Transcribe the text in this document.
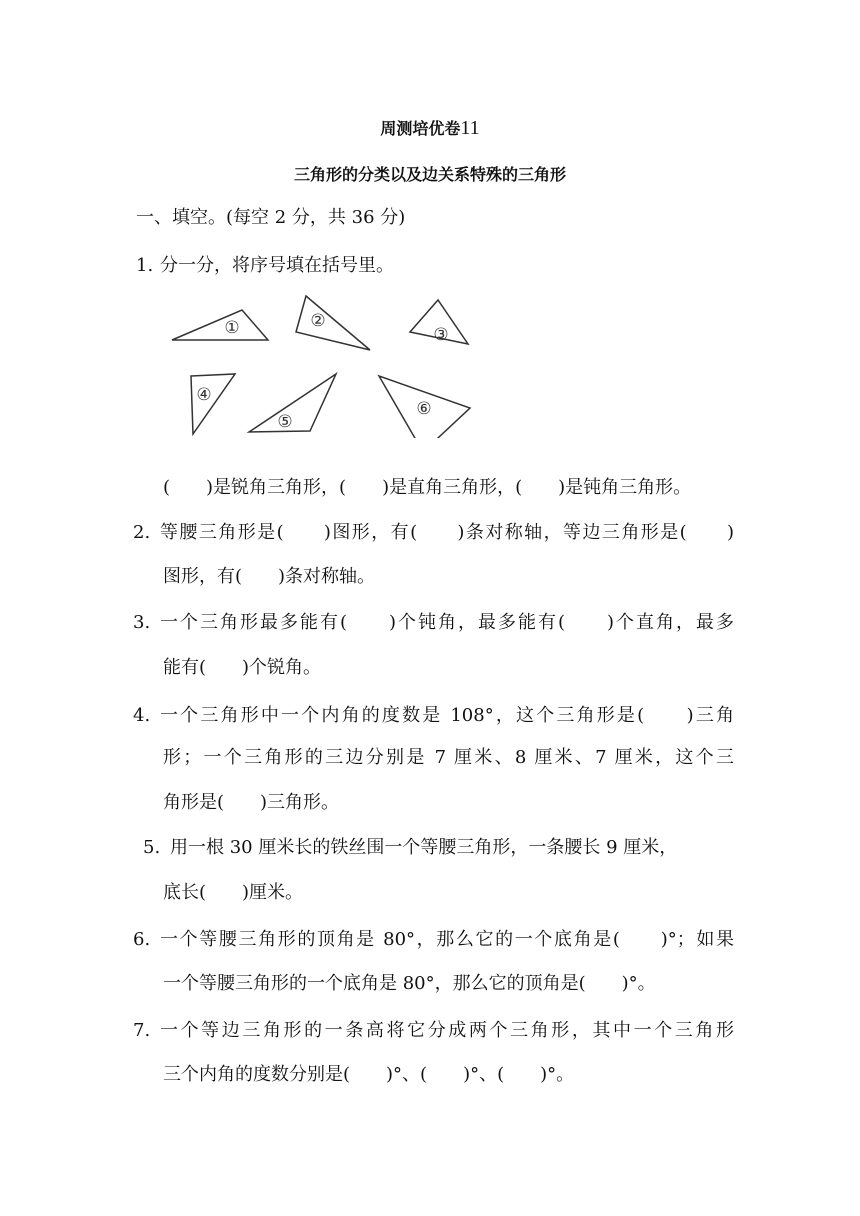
周测培优卷11
三角形的分类以及边关系特殊的三角形
一、填空。(每空 2 分，共 36 分)
1. 分一分，将序号填在括号里。
①	②
③
④
⑤
⑥
(　　)是锐角三角形，(　　)是直角三角形，(　　)是钝角三角形。
2. 等腰三角形是(　　)图形，有(　　)条对称轴，等边三角形是(　　)
图形，有(　　)条对称轴。
3. 一个三角形最多能有(　　)个钝角，最多能有(　　)个直角，最多
能有(　　)个锐角。
4. 一个三角形中一个内角的度数是 108°，这个三角形是(　　)三角
形；一个三角形的三边分别是 7 厘米、8 厘米、7 厘米，这个三
角形是(　　)三角形。
5. 用一根 30 厘米长的铁丝围一个等腰三角形，一条腰长 9 厘米，
底长(　　)厘米。
6. 一个等腰三角形的顶角是 80°，那么它的一个底角是(　　)°；如果
一个等腰三角形的一个底角是 80°，那么它的顶角是(　　)°。
7. 一个等边三角形的一条高将它分成两个三角形，其中一个三角形
三个内角的度数分别是(　　)°、(　　)°、(　　)°。
